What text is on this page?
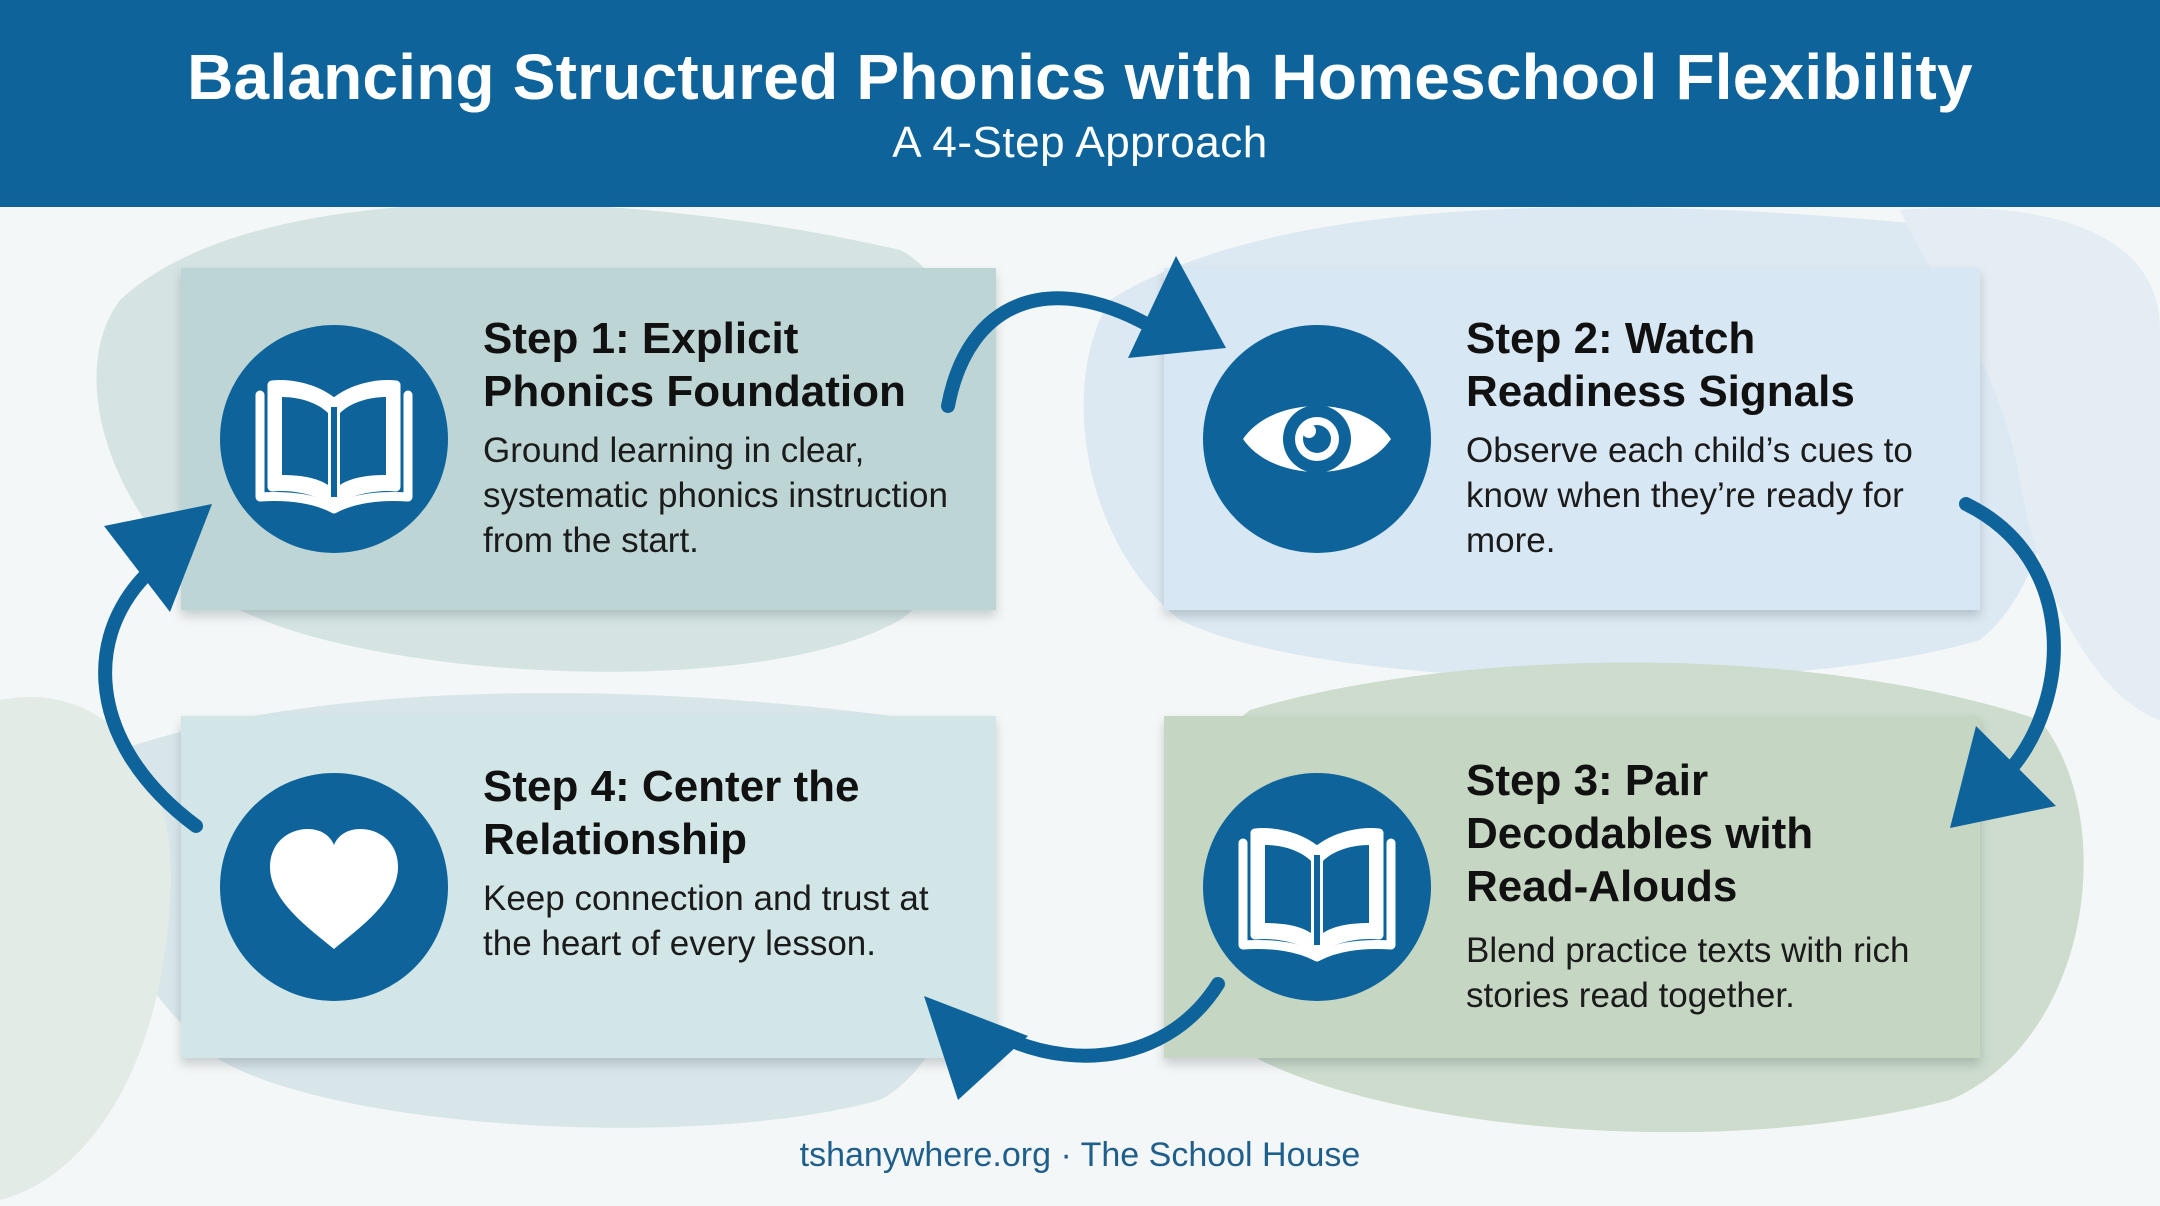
Balancing Structured Phonics with Homeschool Flexibility
A 4-Step Approach
Step 1: Explicit
Phonics Foundation
Ground learning in clear, systematic phonics instruction from the start.
Step 2: Watch
Readiness Signals
Observe each child’s cues to know when they’re ready for more.
Step 3: Pair
Decodables with
Read-Alouds
Blend practice texts with rich stories read together.
Step 4: Center the
Relationship
Keep connection and trust at the heart of every lesson.
tshanywhere.org · The School House
